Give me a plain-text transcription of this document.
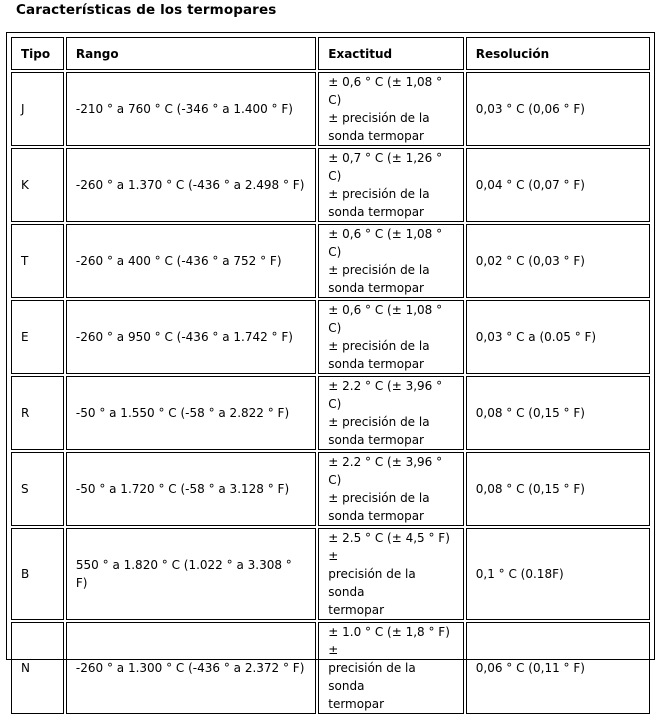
Características de los termopares
Tipo	Rango	Exactitud	Resolución
J	-210 ° a 760 ° C (-346 ° a 1.400 ° F)	± 0,6 ° C (± 1,08 ° C)
± precisión de la
sonda termopar	0,03 ° C (0,06 ° F)
K	-260 ° a 1.370 ° C (-436 ° a 2.498 ° F)	± 0,7 ° C (± 1,26 ° C)
± precisión de la
sonda termopar	0,04 ° C (0,07 ° F)
T	-260 ° a 400 ° C (-436 ° a 752 ° F)	± 0,6 ° C (± 1,08 ° C)
± precisión de la
sonda termopar	0,02 ° C (0,03 ° F)
E	-260 ° a 950 ° C (-436 ° a 1.742 ° F)	± 0,6 ° C (± 1,08 ° C)
± precisión de la
sonda termopar	0,03 ° C a (0.05 ° F)
R	-50 ° a 1.550 ° C (-58 ° a 2.822 ° F)	± 2.2 ° C (± 3,96 ° C)
± precisión de la
sonda termopar	0,08 ° C (0,15 ° F)
S	-50 ° a 1.720 ° C (-58 ° a 3.128 ° F)	± 2.2 ° C (± 3,96 ° C)
± precisión de la
sonda termopar	0,08 ° C (0,15 ° F)
B	550 ° a 1.820 ° C (1.022 ° a 3.308 ° F)	± 2.5 ° C (± 4,5 ° F) ±
precisión de la sonda
termopar	0,1 ° C (0.18F)
N	-260 ° a 1.300 ° C (-436 ° a 2.372 ° F)	± 1.0 ° C (± 1,8 ° F) ±
precisión de la sonda
termopar	0,06 ° C (0,11 ° F)
